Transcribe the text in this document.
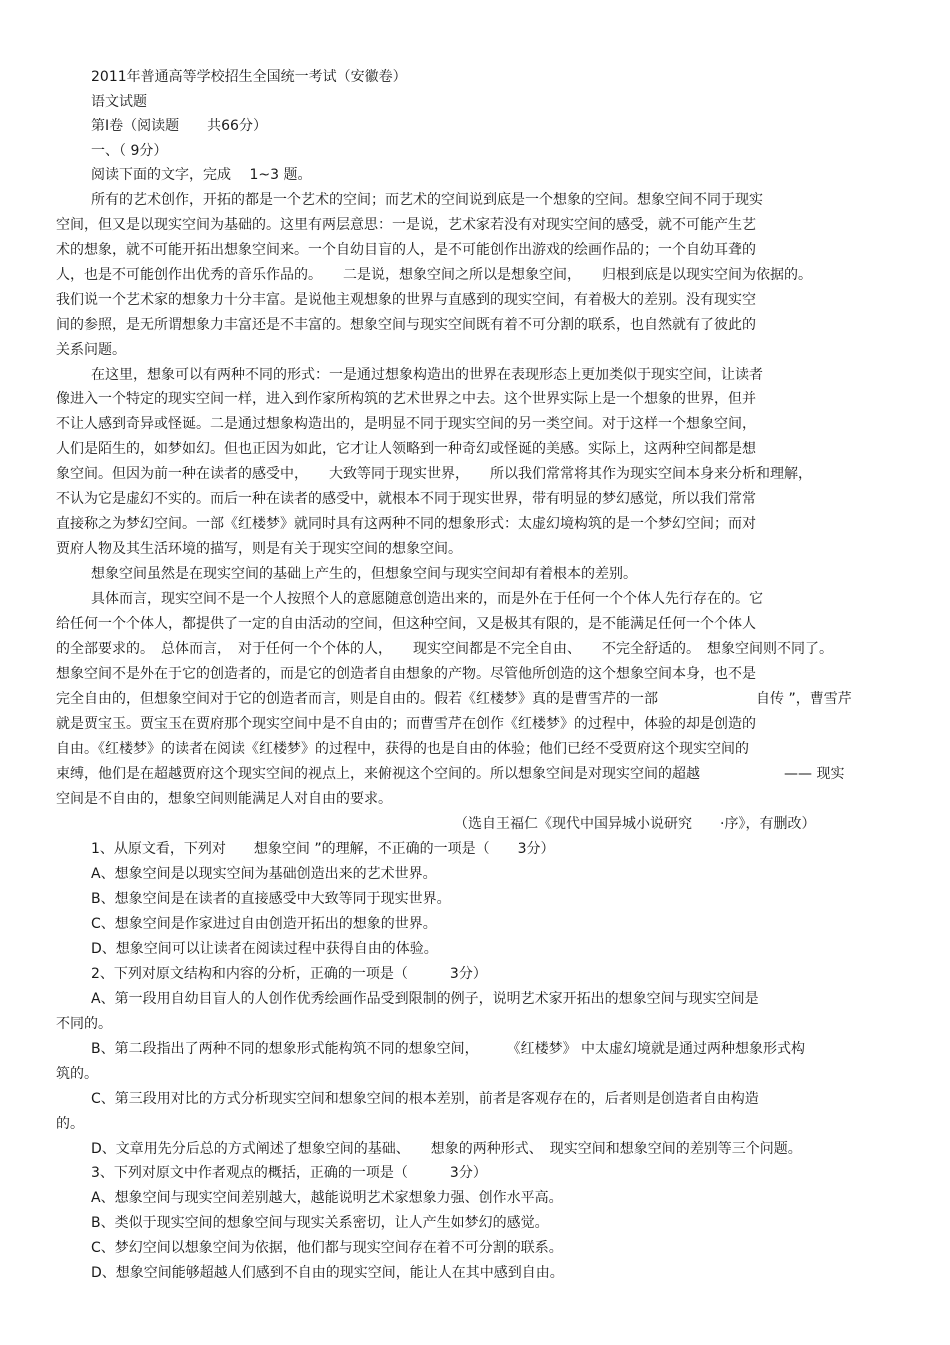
2011年普通高等学校招生全国统一考试（安徽卷）
语文试题
第Ⅰ卷（阅读题　　共66分）
一、（ 9分）
阅读下面的文字，完成　 1~3 题。
所有的艺术创作，开拓的都是一个艺术的空间；而艺术的空间说到底是一个想象的空间。想象空间不同于现实
空间，但又是以现实空间为基础的。这里有两层意思：一是说，艺术家若没有对现实空间的感受，就不可能产生艺
术的想象，就不可能开拓出想象空间来。一个自幼目盲的人，是不可能创作出游戏的绘画作品的；一个自幼耳聋的
人，也是不可能创作出优秀的音乐作品的。　　二是说，想象空间之所以是想象空间，　　归根到底是以现实空间为依据的。
我们说一个艺术家的想象力十分丰富。是说他主观想象的世界与直感到的现实空间，有着极大的差别。没有现实空
间的参照，是无所谓想象力丰富还是不丰富的。想象空间与现实空间既有着不可分割的联系，也自然就有了彼此的
关系问题。
在这里，想象可以有两种不同的形式：一是通过想象构造出的世界在表现形态上更加类似于现实空间，让读者
像进入一个特定的现实空间一样，进入到作家所构筑的艺术世界之中去。这个世界实际上是一个想象的世界，但并
不让人感到奇异或怪诞。二是通过想象构造出的，是明显不同于现实空间的另一类空间。对于这样一个想象空间，
人们是陌生的，如梦如幻。但也正因为如此，它才让人领略到一种奇幻或怪诞的美感。实际上，这两种空间都是想
象空间。但因为前一种在读者的感受中，　　大致等同于现实世界，　　所以我们常常将其作为现实空间本身来分析和理解，
不认为它是虚幻不实的。而后一种在读者的感受中，就根本不同于现实世界，带有明显的梦幻感觉，所以我们常常
直接称之为梦幻空间。一部《红楼梦》就同时具有这两种不同的想象形式：太虚幻境构筑的是一个梦幻空间；而对
贾府人物及其生活环境的描写，则是有关于现实空间的想象空间。
想象空间虽然是在现实空间的基础上产生的，但想象空间与现实空间却有着根本的差别。
具体而言，现实空间不是一个人按照个人的意愿随意创造出来的，而是外在于任何一个个体人先行存在的。它
给任何一个个体人，都提供了一定的自由活动的空间，但这种空间，又是极其有限的，是不能满足任何一个个体人
的全部要求的。　总体而言，　对于任何一个个体的人，　　现实空间都是不完全自由、　　不完全舒适的。　想象空间则不同了。
想象空间不是外在于它的创造者的，而是它的创造者自由想象的产物。尽管他所创造的这个想象空间本身，也不是
完全自由的，但想象空间对于它的创造者而言，则是自由的。假若《红楼梦》真的是曹雪芹的一部　　　　　　　自传 ”，曹雪芹
就是贾宝玉。贾宝玉在贾府那个现实空间中是不自由的；而曹雪芹在创作《红楼梦》的过程中，体验的却是创造的
自由。《红楼梦》的读者在阅读《红楼梦》的过程中，获得的也是自由的体验；他们已经不受贾府这个现实空间的
束缚，他们是在超越贾府这个现实空间的视点上，来俯视这个空间的。所以想象空间是对现实空间的超越　　　　　　—— 现实
空间是不自由的，想象空间则能满足人对自由的要求。
（选自王福仁《现代中国异城小说研究　　·序》，有删改）
1、从原文看，下列对　　想象空间 ”的理解，不正确的一项是（　　3分）
A、想象空间是以现实空间为基础创造出来的艺术世界。
B、想象空间是在读者的直接感受中大致等同于现实世界。
C、想象空间是作家进过自由创造开拓出的想象的世界。
D、想象空间可以让读者在阅读过程中获得自由的体验。
2、下列对原文结构和内容的分析，正确的一项是（　　　3分）
A、第一段用自幼目盲人的人创作优秀绘画作品受到限制的例子，说明艺术家开拓出的想象空间与现实空间是
不同的。
B、第二段指出了两种不同的想象形式能构筑不同的想象空间，　　　《红楼梦》 中太虚幻境就是通过两种想象形式构
筑的。
C、第三段用对比的方式分析现实空间和想象空间的根本差别，前者是客观存在的，后者则是创造者自由构造
的。
D、文章用先分后总的方式阐述了想象空间的基础、　　想象的两种形式、　现实空间和想象空间的差别等三个问题。
3、下列对原文中作者观点的概括，正确的一项是（　　　3分）
A、想象空间与现实空间差别越大，越能说明艺术家想象力强、创作水平高。
B、类似于现实空间的想象空间与现实关系密切，让人产生如梦幻的感觉。
C、梦幻空间以想象空间为依据，他们都与现实空间存在着不可分割的联系。
D、想象空间能够超越人们感到不自由的现实空间，能让人在其中感到自由。
